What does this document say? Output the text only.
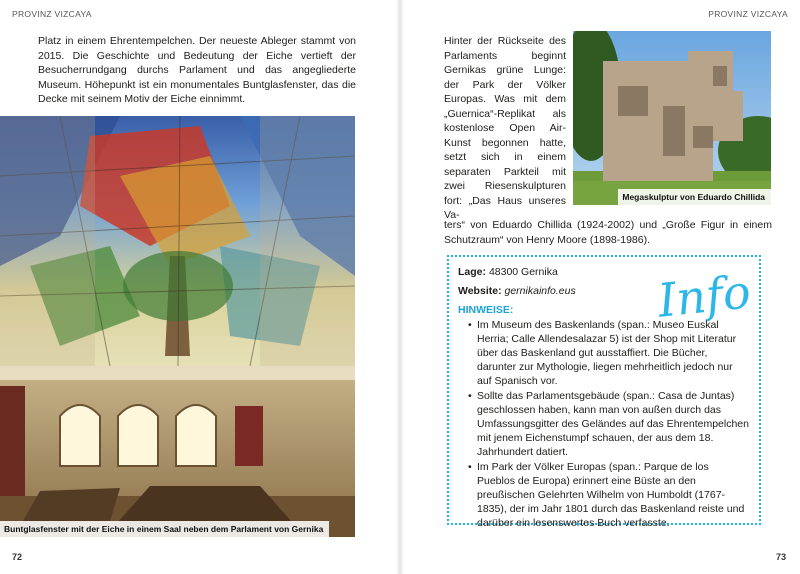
PROVINZ VIZCAYA

Platz in einem Ehrentempelchen. Der neueste Ableger stammt von 2015. Die Geschichte und Bedeutung der Eiche vertieft der Besucherrundgang durchs Parlament und das angegliederte Museum. Höhepunkt ist ein monumentales Buntglasfenster, das die Decke mit seinem Motiv der Eiche einnimmt.

Buntglasfenster mit der Eiche in einem Saal neben dem Parlament von Gernika
72
PROVINZ VIZCAYA

Hinter der Rückseite des Parlaments beginnt Gernikas grüne Lunge: der Park der Völker Europas. Was mit dem „Guernica“-Replikat als kostenlose Open Air-Kunst begonnen hatte, setzt sich in einem separaten Parkteil mit zwei Riesenskulpturen fort: „Das Haus unseres Va-

Megaskulptur von Eduardo Chillida

ters“ von Eduardo Chillida (1924-2002) und „Große Figur in einem Schutzraum“ von Henry Moore (1898-1986).

Info

Lage: 48300 Gernika

Website: gernikainfo.eus

HINWEISE:

• Im Museum des Baskenlands (span.: Museo Euskal Herria; Calle Allendesalazar 5) ist der Shop mit Literatur über das Baskenland gut ausstaffiert. Die Bücher, darunter zur Mythologie, liegen mehrheitlich jedoch nur auf Spanisch vor.
• Sollte das Parlamentsgebäude (span.: Casa de Juntas) geschlossen haben, kann man von außen durch das Umfassungsgitter des Geländes auf das Ehrentempelchen mit jenem Eichenstumpf schauen, der aus dem 18. Jahrhundert datiert.
• Im Park der Völker Europas (span.: Parque de los Pueblos de Europa) erinnert eine Büste an den preußischen Gelehrten Wilhelm von Humboldt (1767-1835), der im Jahr 1801 durch das Baskenland reiste und darüber ein lesenswertes Buch verfasste.
73
